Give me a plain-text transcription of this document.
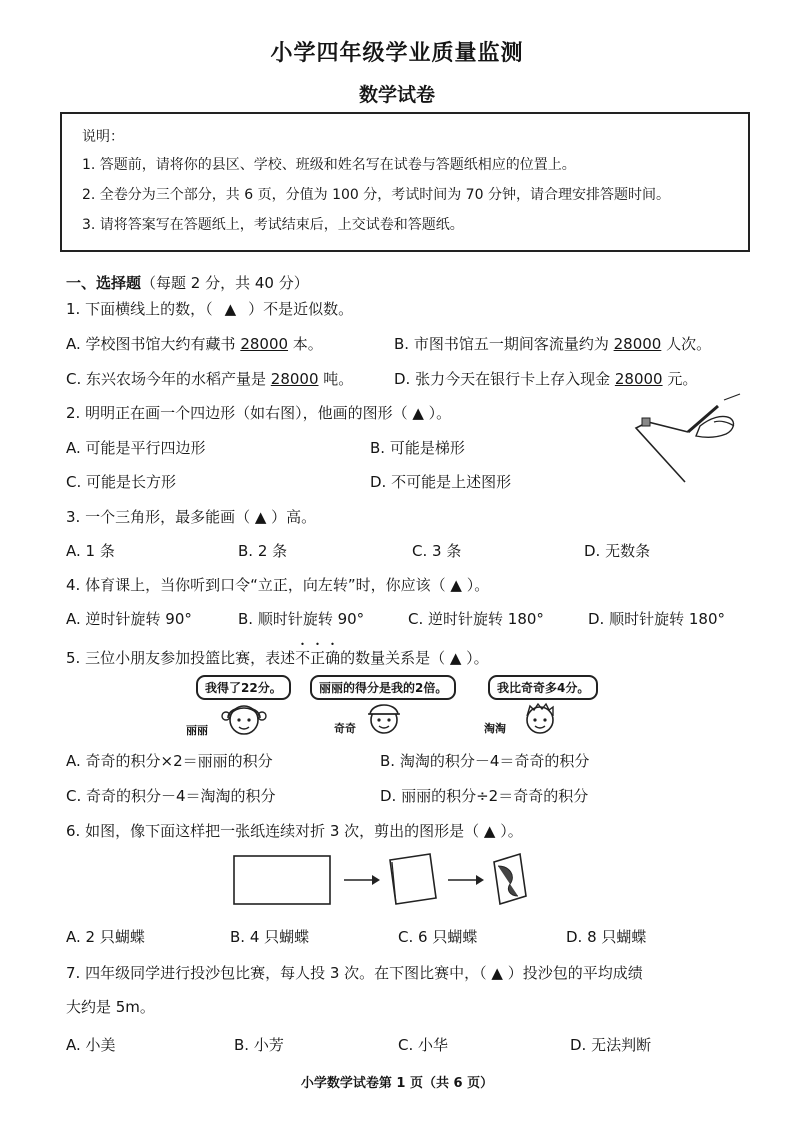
小学四年级学业质量监测
数学试卷
说明：
1. 答题前，请将你的县区、学校、班级和姓名写在试卷与答题纸相应的位置上。
2. 全卷分为三个部分，共 6 页，分值为 100 分，考试时间为 70 分钟，请合理安排答题时间。
3. 请将答案写在答题纸上，考试结束后，上交试卷和答题纸。
一、选择题（每题 2 分，共 40 分）
1. 下面横线上的数，（ ▲ ）不是近似数。
A. 学校图书馆大约有藏书 28000 本。	B. 市图书馆五一期间客流量约为 28000 人次。
C. 东兴农场今年的水稻产量是 28000 吨。	D. 张力今天在银行卡上存入现金 28000 元。
2. 明明正在画一个四边形（如右图），他画的图形（ ▲ ）。
A. 可能是平行四边形	B. 可能是梯形
C. 可能是长方形	D. 不可能是上述图形
3. 一个三角形，最多能画（ ▲ ）高。
A. 1 条	B. 2 条	C. 3 条	D. 无数条
4. 体育课上，当你听到口令“立正，向左转”时，你应该（ ▲ ）。
A. 逆时针旋转 90°	B. 顺时针旋转 90°	C. 逆时针旋转 180°	D. 顺时针旋转 180°
5. 三位小朋友参加投篮比赛，表述不正确的数量关系是（ ▲ ）。
我得了22分。	丽丽的得分是我的2倍。	我比奇奇多4分。
丽丽	奇奇	淘淘
A. 奇奇的积分×2＝丽丽的积分	B. 淘淘的积分－4＝奇奇的积分
C. 奇奇的积分－4＝淘淘的积分	D. 丽丽的积分÷2＝奇奇的积分
6. 如图，像下面这样把一张纸连续对折 3 次，剪出的图形是（ ▲ ）。
A. 2 只蝴蝶	B. 4 只蝴蝶	C. 6 只蝴蝶	D. 8 只蝴蝶
7. 四年级同学进行投沙包比赛，每人投 3 次。在下图比赛中，（ ▲ ）投沙包的平均成绩
大约是 5m。
A. 小美	B. 小芳	C. 小华	D. 无法判断
小学数学试卷第 1 页（共 6 页）
